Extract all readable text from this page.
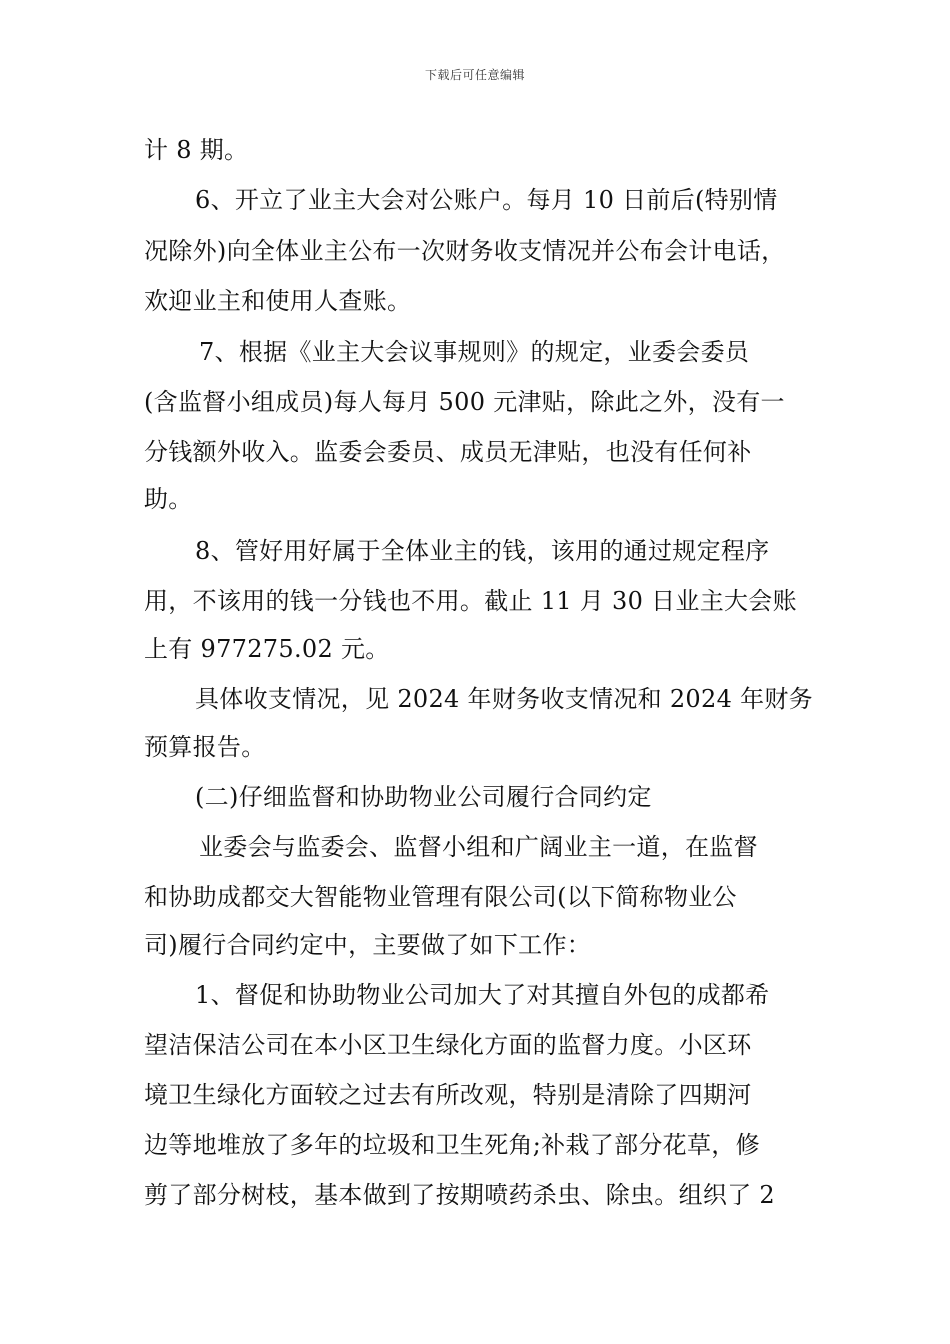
下载后可任意编辑
计 8 期。
6、开立了业主大会对公账户。每月 10 日前后(特别情
况除外)向全体业主公布一次财务收支情况并公布会计电话，
欢迎业主和使用人查账。
7、根据《业主大会议事规则》的规定，业委会委员
(含监督小组成员)每人每月 500 元津贴，除此之外，没有一
分钱额外收入。监委会委员、成员无津贴，也没有任何补
助。
8、管好用好属于全体业主的钱，该用的通过规定程序
用，不该用的钱一分钱也不用。截止 11 月 30 日业主大会账
上有 977275.02 元。
具体收支情况，见 2024 年财务收支情况和 2024 年财务
预算报告。
(二)仔细监督和协助物业公司履行合同约定
业委会与监委会、监督小组和广阔业主一道，在监督
和协助成都交大智能物业管理有限公司(以下简称物业公
司)履行合同约定中，主要做了如下工作：
1、督促和协助物业公司加大了对其擅自外包的成都希
望洁保洁公司在本小区卫生绿化方面的监督力度。小区环
境卫生绿化方面较之过去有所改观，特别是清除了四期河
边等地堆放了多年的垃圾和卫生死角;补栽了部分花草，修
剪了部分树枝，基本做到了按期喷药杀虫、除虫。组织了 2
